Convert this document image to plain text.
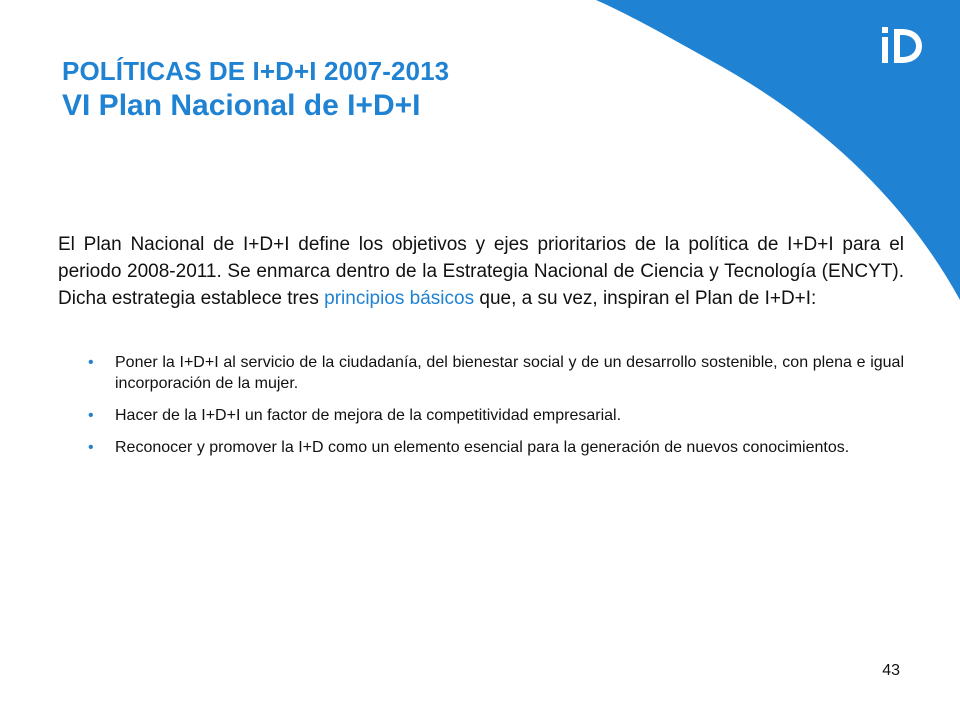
POLÍTICAS DE I+D+I 2007-2013
VI Plan Nacional de I+D+I

El Plan Nacional de I+D+I define los objetivos y ejes prioritarios de la política de I+D+I para el periodo 2008-2011. Se enmarca dentro de la Estrategia Nacional de Ciencia y Tecnología (ENCYT). Dicha estrategia establece tres principios básicos que, a su vez, inspiran el Plan de I+D+I:

• Poner la I+D+I al servicio de la ciudadanía, del bienestar social y de un desarrollo sostenible, con plena e igual incorporación de la mujer.
• Hacer de la I+D+I un factor de mejora de la competitividad empresarial.
• Reconocer y promover la I+D como un elemento esencial para la generación de nuevos conocimientos.
43
